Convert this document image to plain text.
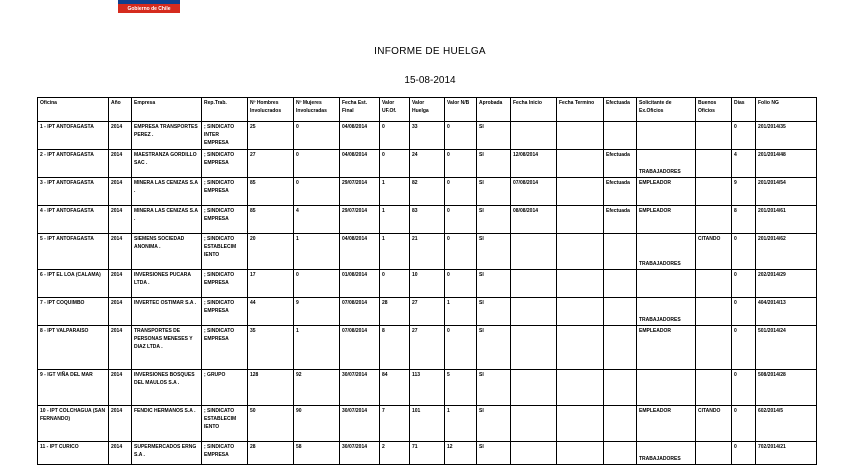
Gobierno de Chile
INFORME DE HUELGA
15-08-2014
Oficina	Año	Empresa	Rep.Trab.	Nº Hombres Involucrados	Nº Mujeres Involucradas	Fecha Est. Final	Valor UF.Of.	Valor Huelga	Valor N/B	Aprobada	Fecha Inicio	Fecha Termino	Efectuada	Solicitante de Ex.Oficios	Buenos Oficios	Días	Folio NG
1 - IPT ANTOFAGASTA	2014	EMPRESA TRANSPORTES PEREZ .	; SINDICATO INTER EMPRESA	25	0	04/08/2014	0	33	0	SI						0	201/2014/35
2 - IPT ANTOFAGASTA	2014	MAESTRANZA GORDILLO SAC .	; SINDICATO EMPRESA	27	0	04/08/2014	0	24	0	SI	12/08/2014		Efectuada	TRABAJADORES		4	201/2014/48
3 - IPT ANTOFAGASTA	2014	MINERA LAS CENIZAS S.A .	; SINDICATO EMPRESA	85	0	29/07/2014	1	82	0	SI	07/08/2014		Efectuada	EMPLEADOR		9	201/2014/54
4 - IPT ANTOFAGASTA	2014	MINERA LAS CENIZAS S.A .	; SINDICATO EMPRESA	85	4	29/07/2014	1	83	0	SI	08/08/2014		Efectuada	EMPLEADOR		8	201/2014/61
5 - IPT ANTOFAGASTA	2014	SIEMENS SOCIEDAD ANONIMA .	; SINDICATO ESTABLECIM IENTO	20	1	04/08/2014	1	21	0	SI				TRABAJADORES	CITANDO	0	201/2014/62
6 - IPT EL LOA (CALAMA)	2014	INVERSIONES PUCARA LTDA .	; SINDICATO EMPRESA	17	0	01/08/2014	0	10	0	SI						0	202/2014/29
7 - IPT COQUIMBO	2014	INVERTEC OSTIMAR S.A .	; SINDICATO EMPRESA	44	9	07/08/2014	28	27	1	SI				TRABAJADORES		0	404/2014/13
8 - IPT VALPARAISO	2014	TRANSPORTES DE PERSONAS MENESES Y DIAZ LTDA .	; SINDICATO EMPRESA	35	1	07/08/2014	8	27	0	SI				EMPLEADOR		0	501/2014/24
9 - IGT VIÑA DEL MAR	2014	INVERSIONES BOSQUES DEL MAULOS S.A .	; GRUPO	128	92	30/07/2014	84	113	5	SI						0	508/2014/28
10 - IPT COLCHAGUA (SAN FERNANDO)	2014	FENDIC HERMANOS S.A .	; SINDICATO ESTABLECIM IENTO	50	90	30/07/2014	7	101	1	SI				EMPLEADOR	CITANDO	0	602/2014/5
11 - IPT CURICO	2014	SUPERMERCADOS ERNG S.A .	; SINDICATO EMPRESA	28	58	30/07/2014	2	71	12	SI				TRABAJADORES		0	702/2014/21
